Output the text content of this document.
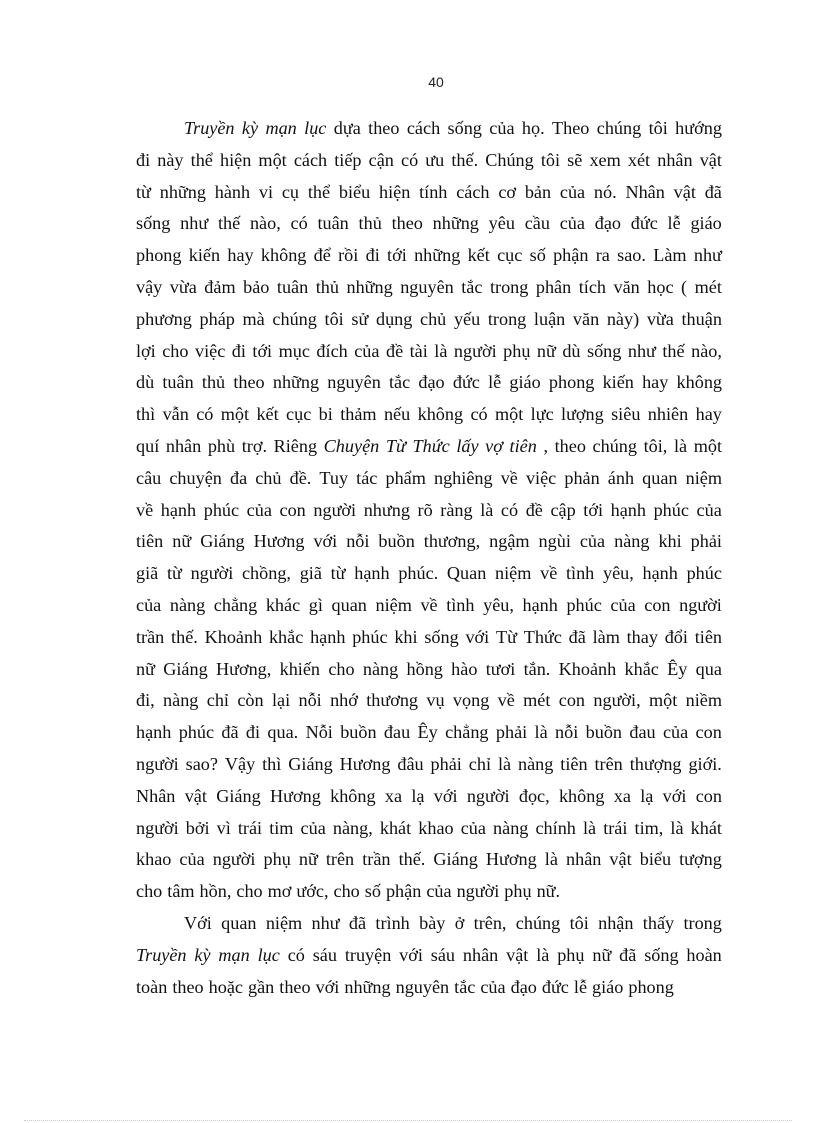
40
Truyền kỳ mạn lục dựa theo cách sống của họ. Theo chúng tôi hướng
đi này thể hiện một cách tiếp cận có ưu thế. Chúng tôi sẽ xem xét nhân vật
từ những hành vi cụ thể biểu hiện tính cách cơ bản của nó. Nhân vật đã
sống như thế nào, có tuân thủ theo những yêu cầu của đạo đức lễ giáo
phong kiến hay không để rồi đi tới những kết cục số phận ra sao. Làm như
vậy vừa đảm bảo tuân thủ những nguyên tắc trong phân tích văn học ( mét
phương pháp mà chúng tôi sử dụng chủ yếu trong luận văn này) vừa thuận
lợi cho việc đi tới mục đích của đề tài là người phụ nữ dù sống như thế nào,
dù tuân thủ theo những nguyên tắc đạo đức lễ giáo phong kiến hay không
thì vẫn có một kết cục bi thảm nếu không có một lực lượng siêu nhiên hay
quí nhân phù trợ. Riêng Chuyện Từ Thức lấy vợ tiên , theo chúng tôi, là một
câu chuyện đa chủ đề. Tuy tác phẩm nghiêng về việc phản ánh quan niệm
về hạnh phúc của con người nhưng rõ ràng là có đề cập tới hạnh phúc của
tiên nữ Giáng Hương với nỗi buồn thương, ngậm ngùi của nàng khi phải
giã từ người chồng, giã từ hạnh phúc. Quan niệm về tình yêu, hạnh phúc
của nàng chẳng khác gì quan niệm về tình yêu, hạnh phúc của con người
trần thế. Khoảnh khắc hạnh phúc khi sống với Từ Thức đã làm thay đổi tiên
nữ Giáng Hương, khiến cho nàng hồng hào tươi tắn. Khoảnh khắc Êy qua
đi, nàng chỉ còn lại nỗi nhớ thương vụ vọng về mét con người, một niềm
hạnh phúc đã đi qua. Nỗi buồn đau Êy chẳng phải là nỗi buồn đau của con
người sao? Vậy thì Giáng Hương đâu phải chỉ là nàng tiên trên thượng giới.
Nhân vật Giáng Hương không xa lạ với người đọc, không xa lạ với con
người bởi vì trái tim của nàng, khát khao của nàng chính là trái tim, là khát
khao của người phụ nữ trên trần thế. Giáng Hương là nhân vật biểu tượng
cho tâm hồn, cho mơ ước, cho số phận của người phụ nữ.
Với quan niệm như đã trình bày ở trên, chúng tôi nhận thấy trong
Truyền kỳ mạn lục có sáu truyện với sáu nhân vật là phụ nữ đã sống hoàn
toàn theo hoặc gần theo với những nguyên tắc của đạo đức lễ giáo phong
